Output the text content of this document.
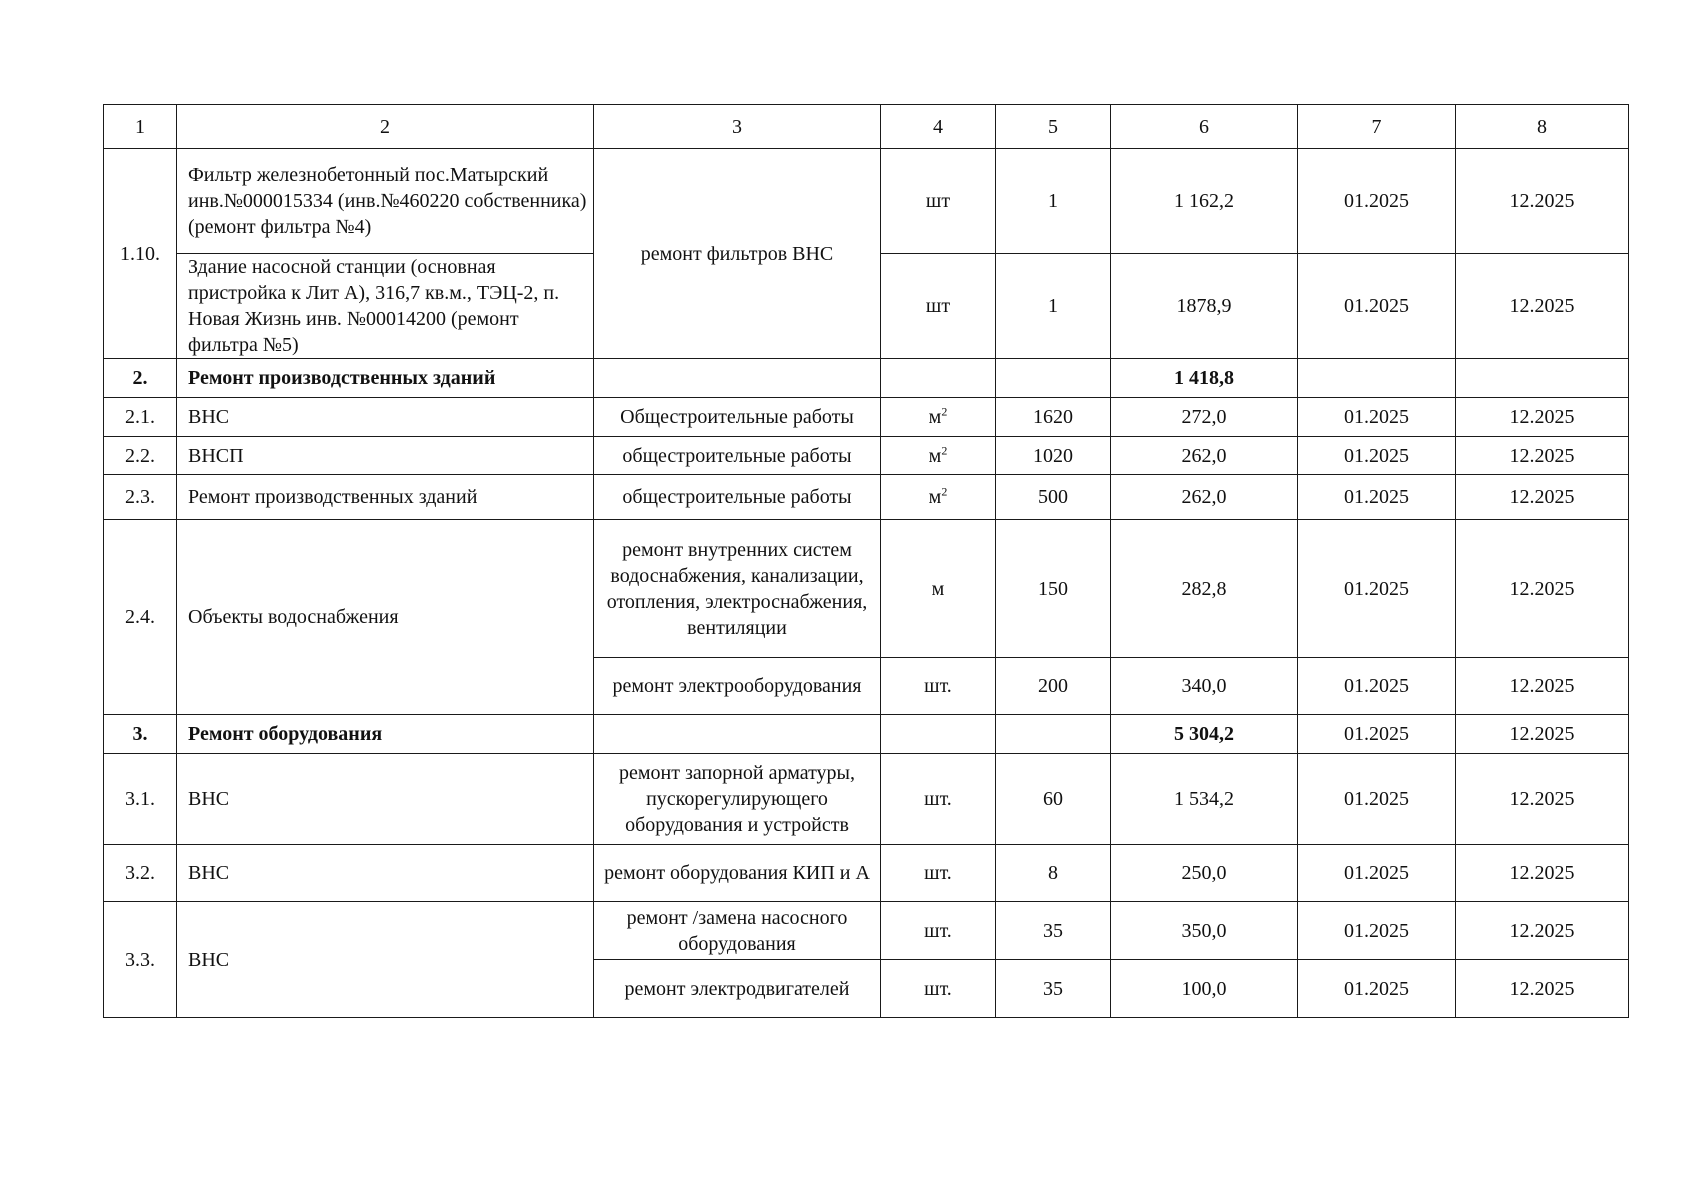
1	2	3	4	5	6	7	8
1.10.	Фильтр железнобетонный пос.Матырский инв.№000015334 (инв.№460220 собственника)(ремонт фильтра №4)	ремонт фильтров ВНС	шт	1	1 162,2	01.2025	12.2025
	Здание насосной станции (основная пристройка к Лит А), 316,7 кв.м., ТЭЦ-2, п. Новая Жизнь инв. №00014200 (ремонт фильтра №5)		шт	1	1878,9	01.2025	12.2025
2.	Ремонт производственных зданий				1 418,8		
2.1.	ВНС	Общестроительные работы	$м^2$	1620	272,0	01.2025	12.2025
2.2.	ВНСП	общестроительные работы	$м^2$	1020	262,0	01.2025	12.2025
2.3.	Ремонт производственных зданий	общестроительные работы	$м^2$	500	262,0	01.2025	12.2025
2.4.	Объекты водоснабжения	ремонт внутренних систем водоснабжения, канализации, отопления, электроснабжения, вентиляции	м	150	282,8	01.2025	12.2025
		ремонт электрооборудования	шт.	200	340,0	01.2025	12.2025
3.	Ремонт оборудования				5 304,2	01.2025	12.2025
3.1.	ВНС	ремонт запорной арматуры, пускорегулирующего оборудования и устройств	шт.	60	1 534,2	01.2025	12.2025
3.2.	ВНС	ремонт оборудования КИП и А	шт.	8	250,0	01.2025	12.2025
3.3.	ВНС	ремонт /замена насосного оборудования	шт.	35	350,0	01.2025	12.2025
		ремонт электродвигателей	шт.	35	100,0	01.2025	12.2025
